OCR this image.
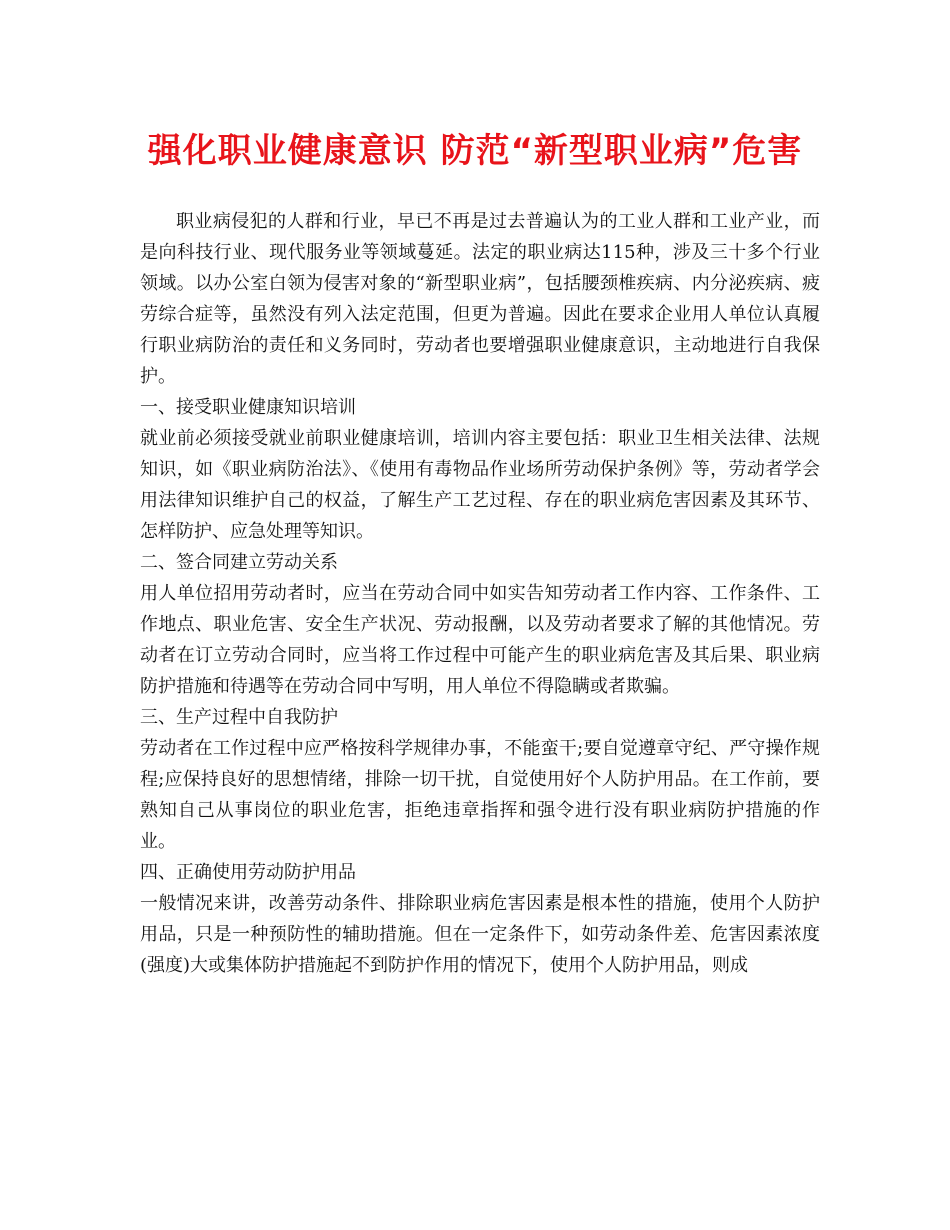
强化职业健康意识 防范“新型职业病”危害

职业病侵犯的人群和行业，早已不再是过去普遍认为的工业人群和工业产业，而是向科技行业、现代服务业等领域蔓延。法定的职业病达115种，涉及三十多个行业领域。以办公室白领为侵害对象的“新型职业病”，包括腰颈椎疾病、内分泌疾病、疲劳综合症等，虽然没有列入法定范围，但更为普遍。因此在要求企业用人单位认真履行职业病防治的责任和义务同时，劳动者也要增强职业健康意识，主动地进行自我保护。

一、接受职业健康知识培训

就业前必须接受就业前职业健康培训，培训内容主要包括：职业卫生相关法律、法规知识，如《职业病防治法》、《使用有毒物品作业场所劳动保护条例》等，劳动者学会用法律知识维护自己的权益，了解生产工艺过程、存在的职业病危害因素及其环节、怎样防护、应急处理等知识。

二、签合同建立劳动关系

用人单位招用劳动者时，应当在劳动合同中如实告知劳动者工作内容、工作条件、工作地点、职业危害、安全生产状况、劳动报酬，以及劳动者要求了解的其他情况。劳动者在订立劳动合同时，应当将工作过程中可能产生的职业病危害及其后果、职业病防护措施和待遇等在劳动合同中写明，用人单位不得隐瞒或者欺骗。

三、生产过程中自我防护

劳动者在工作过程中应严格按科学规律办事，不能蛮干;要自觉遵章守纪、严守操作规程;应保持良好的思想情绪，排除一切干扰，自觉使用好个人防护用品。在工作前，要熟知自己从事岗位的职业危害，拒绝违章指挥和强令进行没有职业病防护措施的作业。

四、正确使用劳动防护用品

一般情况来讲，改善劳动条件、排除职业病危害因素是根本性的措施，使用个人防护用品，只是一种预防性的辅助措施。但在一定条件下，如劳动条件差、危害因素浓度(强度)大或集体防护措施起不到防护作用的情况下，使用个人防护用品，则成
